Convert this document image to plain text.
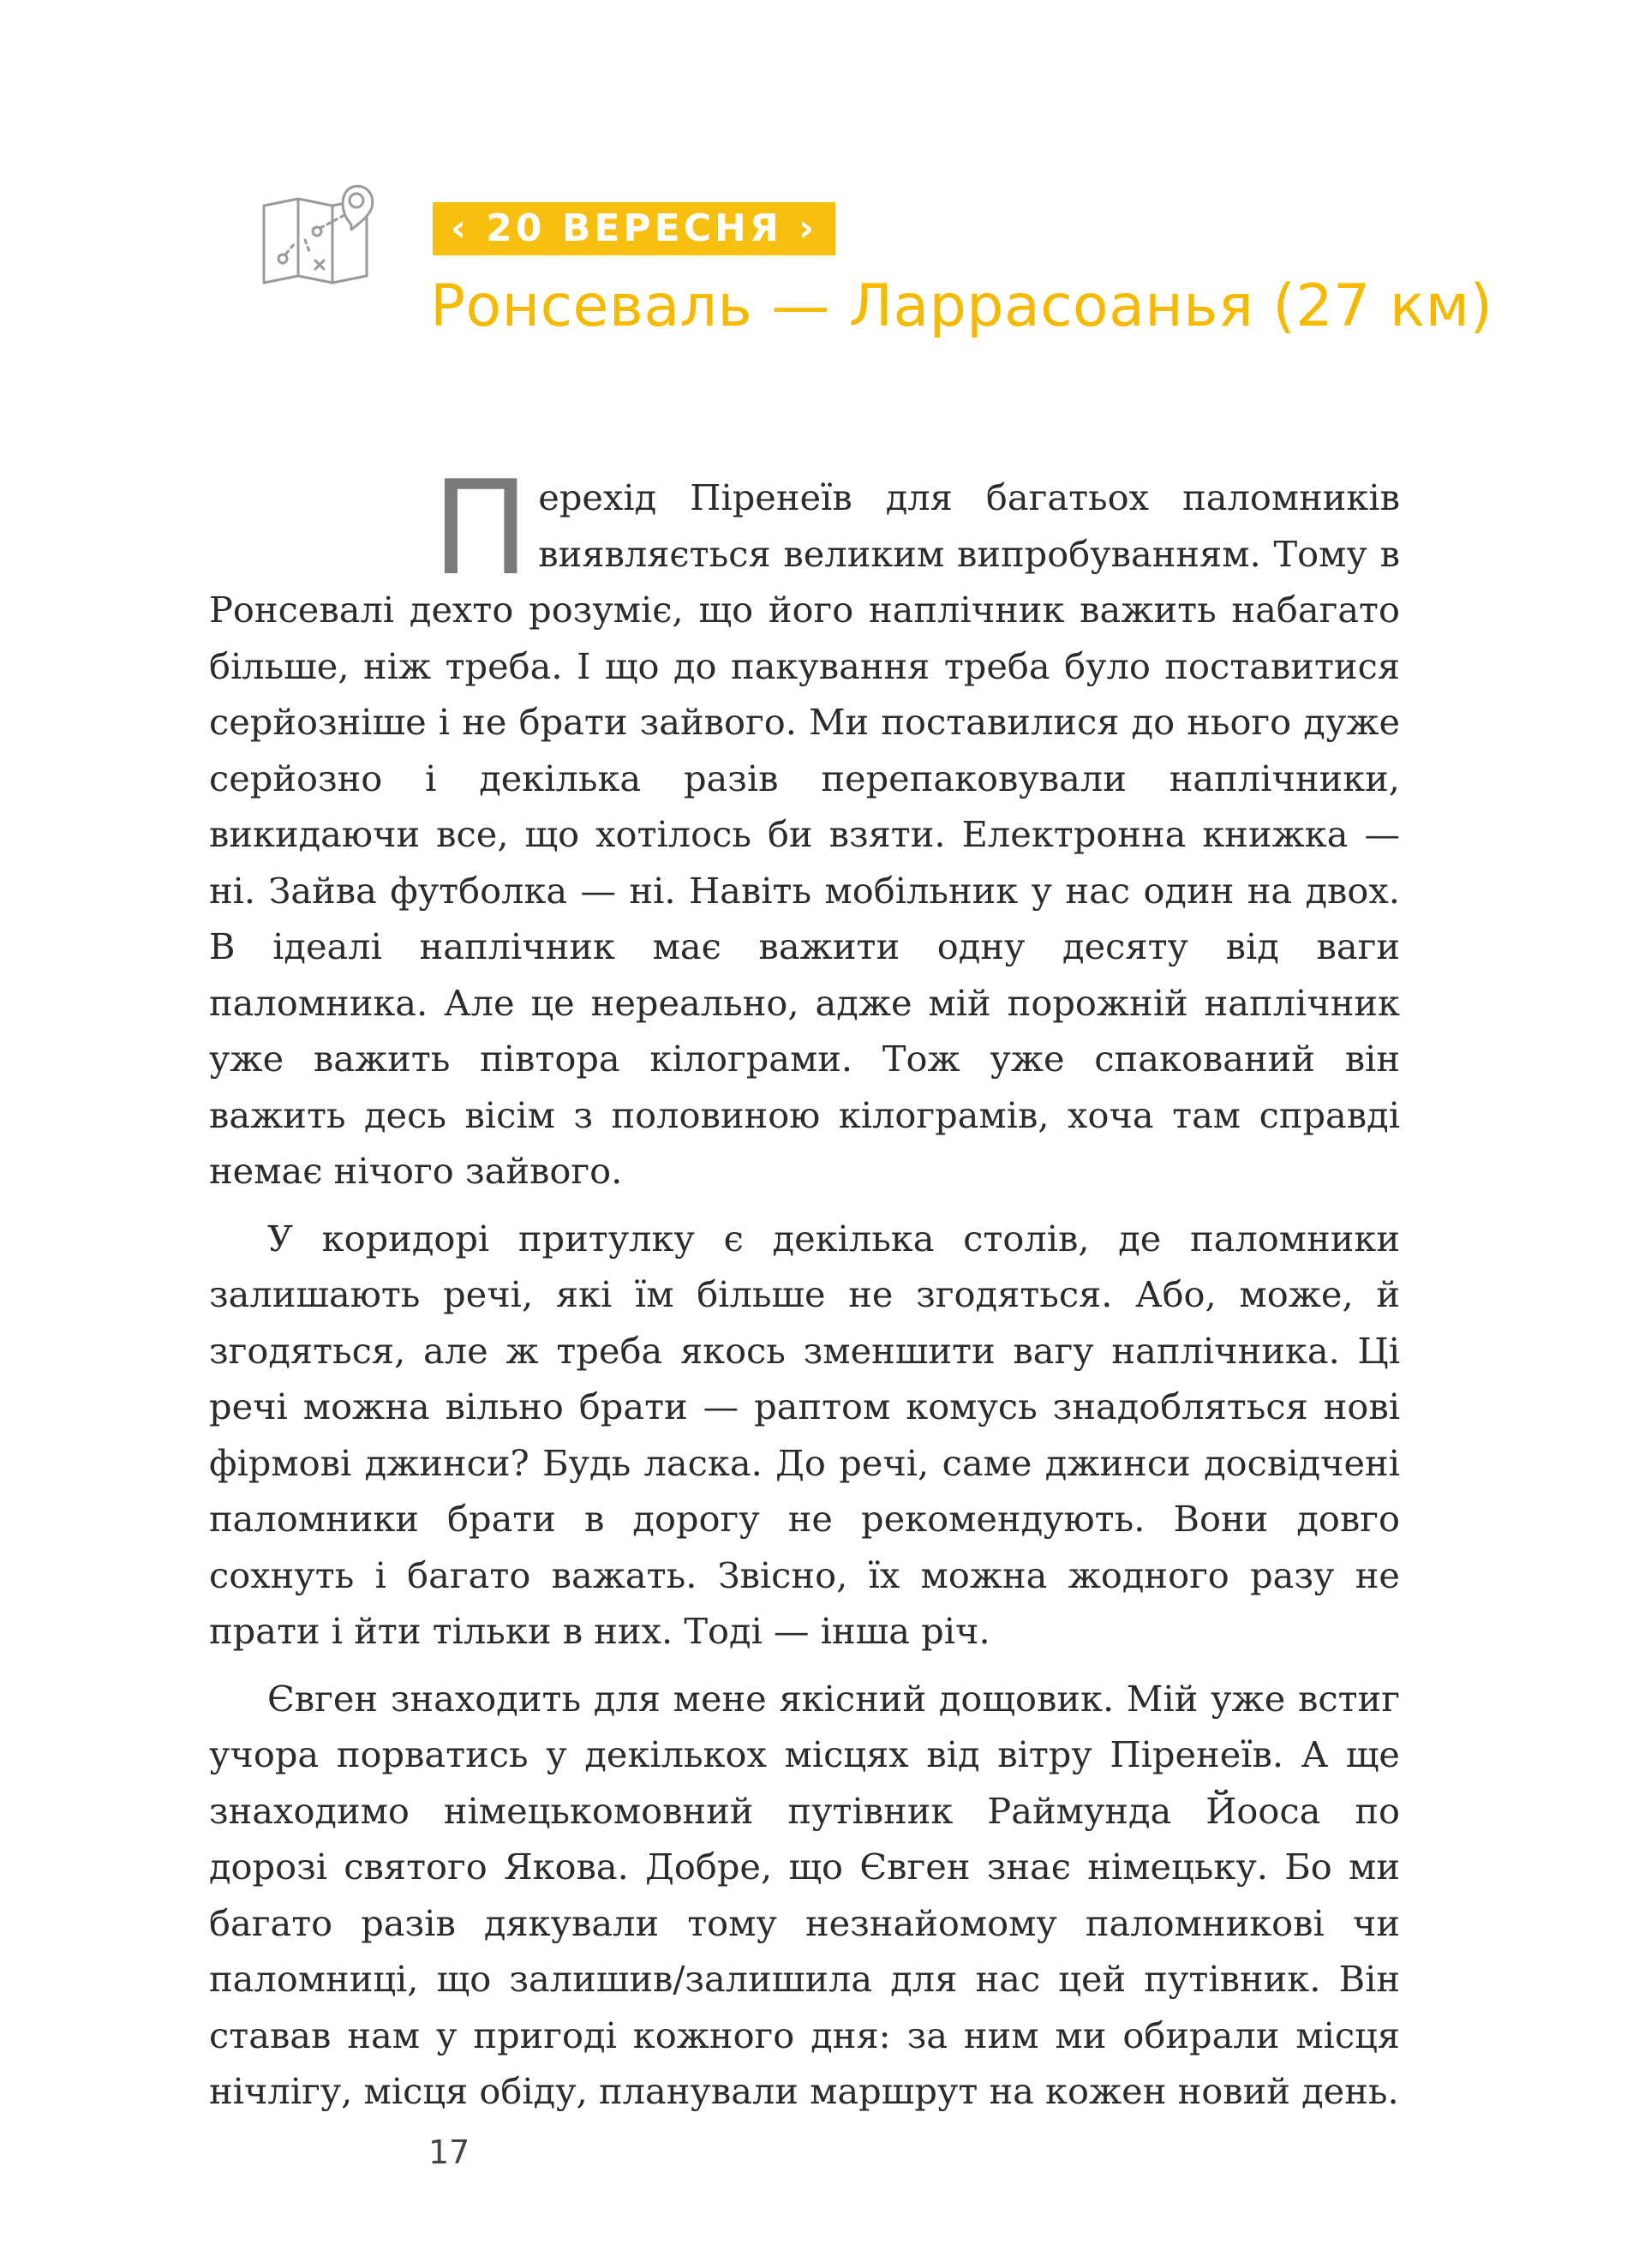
‹ 20 ВЕРЕСНЯ ›
Ронсеваль — Ларрасоанья (27 км)

Перехід Піренеїв для багатьох паломників виявляється великим випробуванням. Тому в Ронсевалі дехто розуміє, що його наплічник важить набагато більше, ніж треба. І що до пакування треба було поставитися серйозніше і не брати зайвого. Ми поставилися до нього дуже серйозно і декілька разів перепаковували наплічники, викидаючи все, що хотілось би взяти. Електронна книжка — ні. Зайва футболка — ні. Навіть мобільник у нас один на двох. В ідеалі наплічник має важити одну десяту від ваги паломника. Але це нереально, адже мій порожній наплічник уже важить півтора кілограми. Тож уже спакований він важить десь вісім з половиною кілограмів, хоча там справді немає нічого зайвого.

У коридорі притулку є декілька столів, де паломники залишають речі, які їм більше не згодяться. Або, може, й згодяться, але ж треба якось зменшити вагу наплічника. Ці речі можна вільно брати — раптом комусь знадобляться нові фірмові джинси? Будь ласка. До речі, саме джинси досвідчені паломники брати в дорогу не рекомендують. Вони довго сохнуть і багато важать. Звісно, їх можна жодного разу не прати і йти тільки в них. Тоді — інша річ.

Євген знаходить для мене якісний дощовик. Мій уже встиг учора порватись у декількох місцях від вітру Піренеїв. А ще знаходимо німецькомовний путівник Раймунда Йооса по дорозі святого Якова. Добре, що Євген знає німецьку. Бо ми багато разів дякували тому незнайомому паломникові чи паломниці, що залишив/залишила для нас цей путівник. Він ставав нам у пригоді кожного дня: за ним ми обирали місця нічлігу, місця обіду, планували маршрут на кожен новий день.

17
